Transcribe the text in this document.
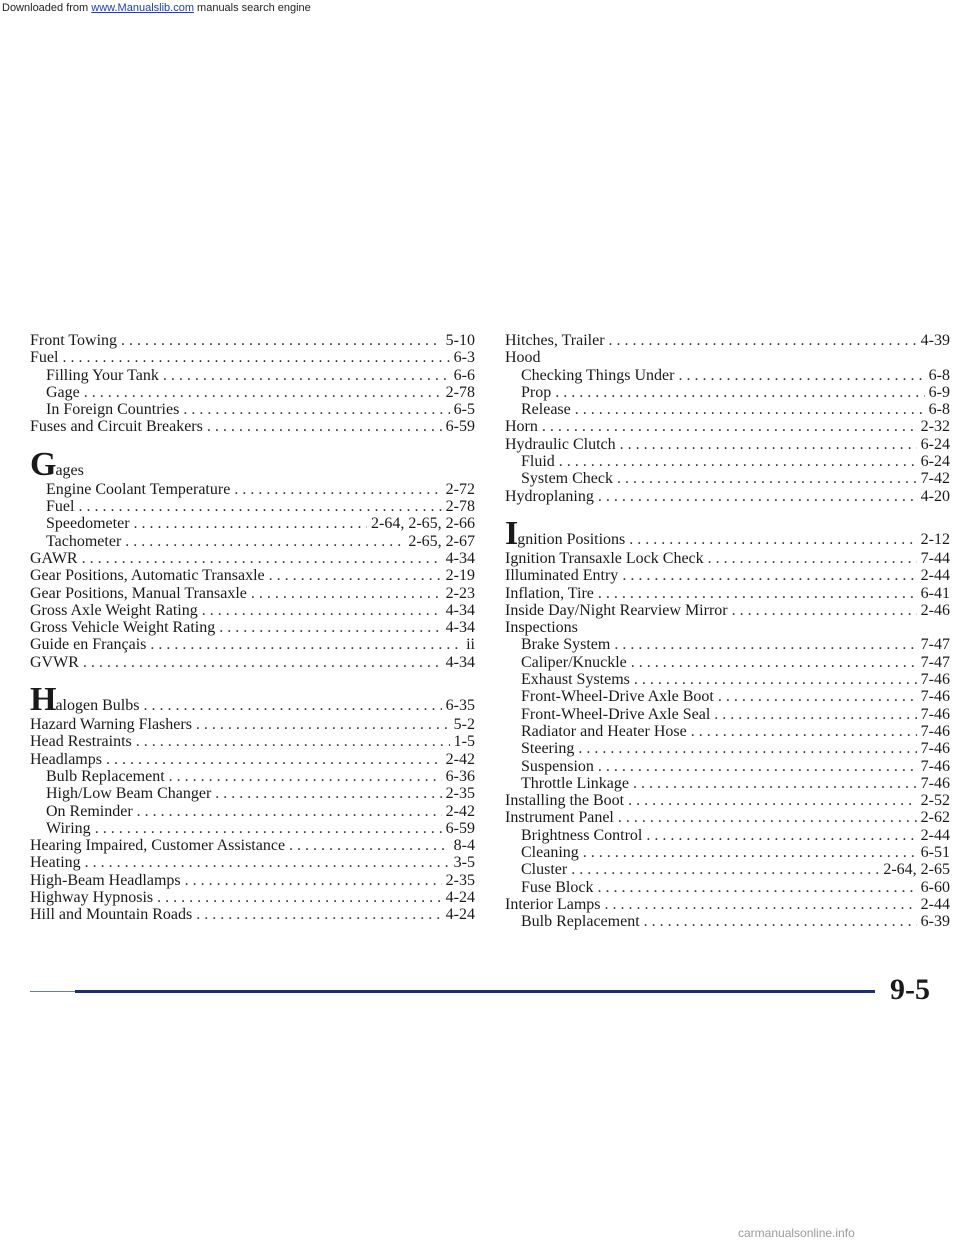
Downloaded from www.Manualslib.com manuals search engine
Front Towing . . .	5-10
Fuel . . .	6-3
Filling Your Tank . . .	6-6
Gage . . .	2-78
In Foreign Countries . . .	6-5
Fuses and Circuit Breakers . . .	6-59
Gages
Engine Coolant Temperature . . .	2-72
Fuel . . .	2-78
Speedometer . . .	2-64, 2-65, 2-66
Tachometer . . .	2-65, 2-67
GAWR . . .	4-34
Gear Positions, Automatic Transaxle . . .	2-19
Gear Positions, Manual Transaxle . . .	2-23
Gross Axle Weight Rating . . .	4-34
Gross Vehicle Weight Rating . . .	4-34
Guide en Français . . .	ii
GVWR . . .	4-34
H alogen Bulbs . . .	6-35
Hazard Warning Flashers . . .	5-2
Head Restraints . . .	1-5
Headlamps . . .	2-42
Bulb Replacement . . .	6-36
High/Low Beam Changer . . .	2-35
On Reminder . . .	2-42
Wiring . . .	6-59
Hearing Impaired, Customer Assistance . . .	8-4
Heating . . .	3-5
High-Beam Headlamps . . .	2-35
Highway Hypnosis . . .	4-24
Hill and Mountain Roads . . .	4-24
Hitches, Trailer . . .	4-39
Hood
Checking Things Under . . .	6-8
Prop . . .	6-9
Release . . .	6-8
Horn . . .	2-32
Hydraulic Clutch . . .	6-24
Fluid . . .	6-24
System Check . . .	7-42
Hydroplaning . . .	4-20
I gnition Positions . . .	2-12
Ignition Transaxle Lock Check . . .	7-44
Illuminated Entry . . .	2-44
Inflation, Tire . . .	6-41
Inside Day/Night Rearview Mirror . . .	2-46
Inspections
Brake System . . .	7-47
Caliper/Knuckle . . .	7-47
Exhaust Systems . . .	7-46
Front-Wheel-Drive Axle Boot . . .	7-46
Front-Wheel-Drive Axle Seal . . .	7-46
Radiator and Heater Hose . . .	7-46
Steering . . .	7-46
Suspension . . .	7-46
Throttle Linkage . . .	7-46
Installing the Boot . . .	2-52
Instrument Panel . . .	2-62
Brightness Control . . .	2-44
Cleaning . . .	6-51
Cluster . . .	2-64, 2-65
Fuse Block . . .	6-60
Interior Lamps . . .	2-44
Bulb Replacement . . .	6-39
9-5
carmanualsonline.info
